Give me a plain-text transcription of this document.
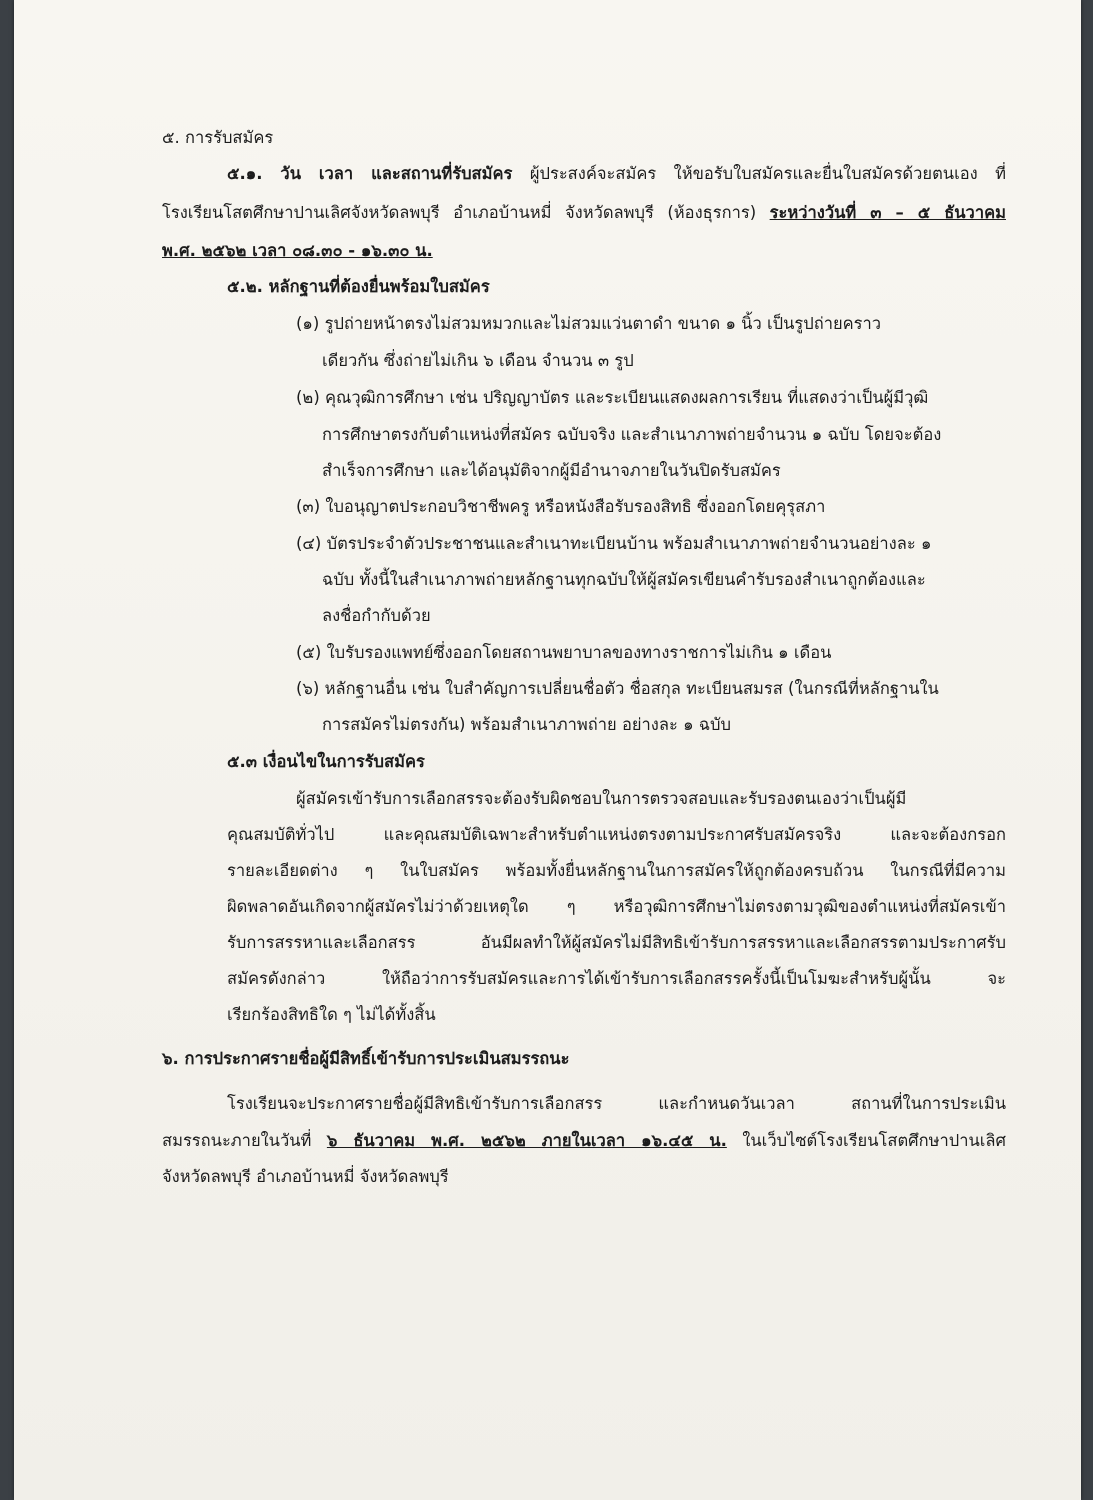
๕. การรับสมัคร

๕.๑. วัน เวลา และสถานที่รับสมัคร ผู้ประสงค์จะสมัคร ให้ขอรับใบสมัครและยื่นใบสมัครด้วยตนเอง ที่

โรงเรียนโสตศึกษาปานเลิศจังหวัดลพบุรี อำเภอบ้านหมี่ จังหวัดลพบุรี (ห้องธุรการ) ระหว่างวันที่ ๓ – ๕ ธันวาคม

พ.ศ. ๒๕๖๒ เวลา ๐๘.๓๐ - ๑๖.๓๐ น.

๕.๒. หลักฐานที่ต้องยื่นพร้อมใบสมัคร

(๑) รูปถ่ายหน้าตรงไม่สวมหมวกและไม่สวมแว่นตาดำ ขนาด ๑ นิ้ว เป็นรูปถ่ายคราว

เดียวกัน ซึ่งถ่ายไม่เกิน ๖ เดือน จำนวน ๓ รูป

(๒) คุณวุฒิการศึกษา เช่น ปริญญาบัตร และระเบียนแสดงผลการเรียน ที่แสดงว่าเป็นผู้มีวุฒิ

การศึกษาตรงกับตำแหน่งที่สมัคร ฉบับจริง และสำเนาภาพถ่ายจำนวน ๑ ฉบับ โดยจะต้อง

สำเร็จการศึกษา และได้อนุมัติจากผู้มีอำนาจภายในวันปิดรับสมัคร

(๓) ใบอนุญาตประกอบวิชาชีพครู หรือหนังสือรับรองสิทธิ ซึ่งออกโดยคุรุสภา

(๔) บัตรประจำตัวประชาชนและสำเนาทะเบียนบ้าน พร้อมสำเนาภาพถ่ายจำนวนอย่างละ ๑

ฉบับ ทั้งนี้ในสำเนาภาพถ่ายหลักฐานทุกฉบับให้ผู้สมัครเขียนคำรับรองสำเนาถูกต้องและ

ลงชื่อกำกับด้วย

(๕) ใบรับรองแพทย์ซึ่งออกโดยสถานพยาบาลของทางราชการไม่เกิน ๑ เดือน

(๖) หลักฐานอื่น เช่น ใบสำคัญการเปลี่ยนชื่อตัว ชื่อสกุล ทะเบียนสมรส (ในกรณีที่หลักฐานใน

การสมัครไม่ตรงกัน) พร้อมสำเนาภาพถ่าย อย่างละ ๑ ฉบับ

๕.๓ เงื่อนไขในการรับสมัคร

ผู้สมัครเข้ารับการเลือกสรรจะต้องรับผิดชอบในการตรวจสอบและรับรองตนเองว่าเป็นผู้มี

คุณสมบัติทั่วไป และคุณสมบัติเฉพาะสำหรับตำแหน่งตรงตามประกาศรับสมัครจริง และจะต้องกรอก

รายละเอียดต่าง ๆ ในใบสมัคร พร้อมทั้งยื่นหลักฐานในการสมัครให้ถูกต้องครบถ้วน ในกรณีที่มีความ

ผิดพลาดอันเกิดจากผู้สมัครไม่ว่าด้วยเหตุใด ๆ หรือวุฒิการศึกษาไม่ตรงตามวุฒิของตำแหน่งที่สมัครเข้า

รับการสรรหาและเลือกสรร อันมีผลทำให้ผู้สมัครไม่มีสิทธิเข้ารับการสรรหาและเลือกสรรตามประกาศรับ

สมัครดังกล่าว ให้ถือว่าการรับสมัครและการได้เข้ารับการเลือกสรรครั้งนี้เป็นโมฆะสำหรับผู้นั้น จะ

เรียกร้องสิทธิใด ๆ ไม่ได้ทั้งสิ้น

๖. การประกาศรายชื่อผู้มีสิทธิ์เข้ารับการประเมินสมรรถนะ

โรงเรียนจะประกาศรายชื่อผู้มีสิทธิเข้ารับการเลือกสรร และกำหนดวันเวลา สถานที่ในการประเมิน

สมรรถนะภายในวันที่ ๖ ธันวาคม พ.ศ. ๒๕๖๒ ภายในเวลา ๑๖.๔๕ น. ในเว็บไซต์โรงเรียนโสตศึกษาปานเลิศ

จังหวัดลพบุรี อำเภอบ้านหมี่ จังหวัดลพบุรี
